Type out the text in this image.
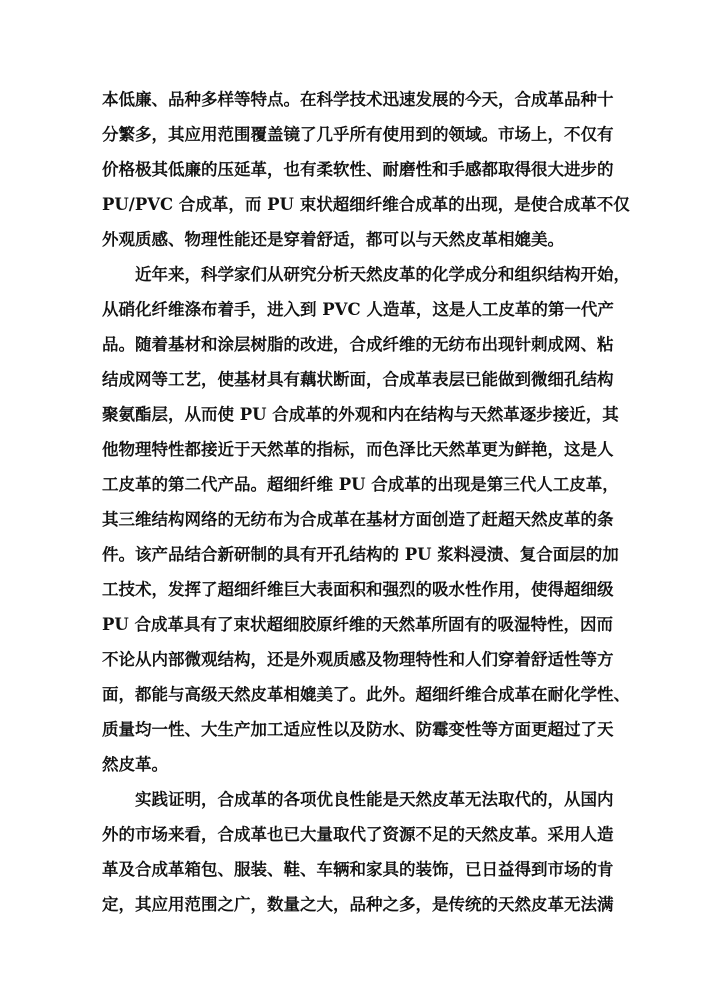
本低廉、品种多样等特点。在科学技术迅速发展的今天，合成革品种十
分繁多，其应用范围覆盖镜了几乎所有使用到的领域。市场上，不仅有
价格极其低廉的压延革，也有柔软性、耐磨性和手感都取得很大进步的
PU/PVC 合成革，而 PU 束状超细纤维合成革的出现，是使合成革不仅
外观质感、物理性能还是穿着舒适，都可以与天然皮革相媲美。
近年来，科学家们从研究分析天然皮革的化学成分和组织结构开始，
从硝化纤维涤布着手，进入到 PVC 人造革，这是人工皮革的第一代产
品。随着基材和涂层树脂的改进，合成纤维的无纺布出现针刺成网、粘
结成网等工艺，使基材具有藕状断面，合成革表层已能做到微细孔结构
聚氨酯层，从而使 PU 合成革的外观和内在结构与天然革逐步接近，其
他物理特性都接近于天然革的指标，而色泽比天然革更为鲜艳，这是人
工皮革的第二代产品。超细纤维 PU 合成革的出现是第三代人工皮革，
其三维结构网络的无纺布为合成革在基材方面创造了赶超天然皮革的条
件。该产品结合新研制的具有开孔结构的 PU 浆料浸渍、复合面层的加
工技术，发挥了超细纤维巨大表面积和强烈的吸水性作用，使得超细级
PU 合成革具有了束状超细胶原纤维的天然革所固有的吸湿特性，因而
不论从内部微观结构，还是外观质感及物理特性和人们穿着舒适性等方
面，都能与高级天然皮革相媲美了。此外。超细纤维合成革在耐化学性、
质量均一性、大生产加工适应性以及防水、防霉变性等方面更超过了天
然皮革。
实践证明，合成革的各项优良性能是天然皮革无法取代的，从国内
外的市场来看，合成革也已大量取代了资源不足的天然皮革。采用人造
革及合成革箱包、服装、鞋、车辆和家具的装饰，已日益得到市场的肯
定，其应用范围之广，数量之大，品种之多，是传统的天然皮革无法满
